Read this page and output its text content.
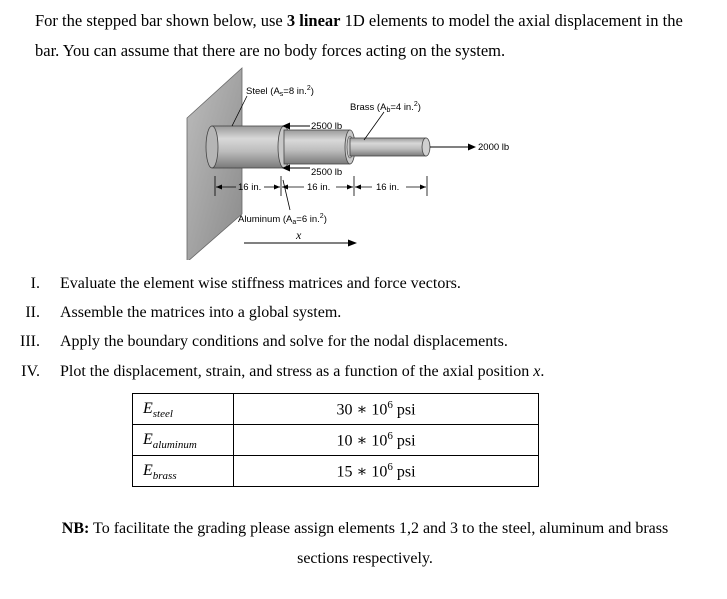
For the stepped bar shown below, use 3 linear 1D elements to model the axial displacement in the bar. You can assume that there are no body forces acting on the system.
2000 lb
2500 lb
2500 lb
Steel ($A_s=8$ in.$^2$)
Brass ($A_b=4$ in.$^2$)
Aluminum ($A_a=6$ in.$^2$)
16 in.	16 in.	16 in.
x
I. Evaluate the element wise stiffness matrices and force vectors.
II. Assemble the matrices into a global system.
III. Apply the boundary conditions and solve for the nodal displacements.
IV. Plot the displacement, strain, and stress as a function of the axial position x.
$E_{steel}$	30 ∗ $10^6$ psi
$E_{aluminum}$	10 ∗ $10^6$ psi
$E_{brass}$	15 ∗ $10^6$ psi
NB: To facilitate the grading please assign elements 1,2 and 3 to the steel, aluminum and brass sections respectively.
